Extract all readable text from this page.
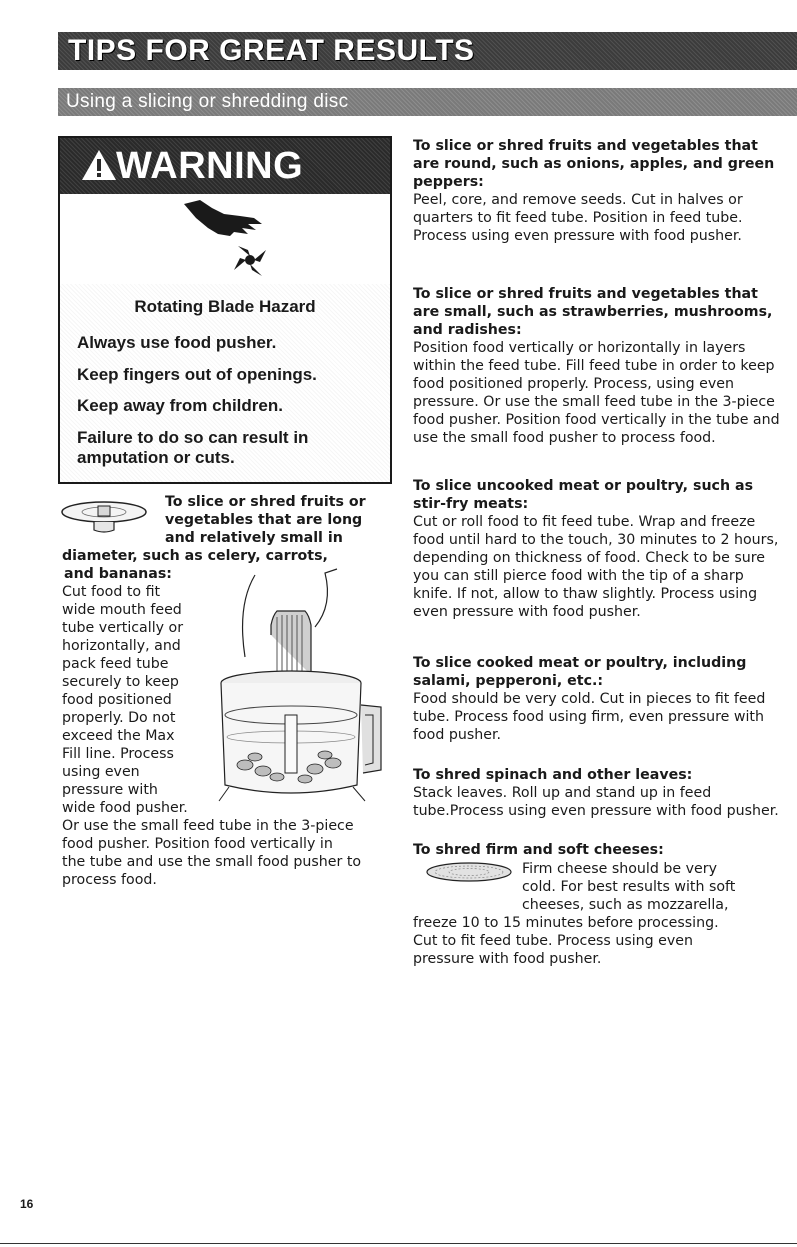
TIPS FOR GREAT RESULTS
Using a slicing or shredding disc
WARNING
Rotating Blade Hazard
Always use food pusher.
Keep fingers out of openings.
Keep away from children.
Failure to do so can result in
amputation or cuts.
To slice or shred fruits or
vegetables that are long
and relatively small in
diameter, such as celery, carrots,
and bananas:
Cut food to fit
wide mouth feed
tube vertically or
horizontally, and
pack feed tube
securely to keep
food positioned
properly. Do not
exceed the Max
Fill line. Process
using even
pressure with
wide food pusher.
Or use the small feed tube in the 3-piece
food pusher. Position food vertically in
the tube and use the small food pusher to
process food.
To slice or shred fruits and vegetables that are round, such as onions, apples, and green peppers:
Peel, core, and remove seeds. Cut in halves or quarters to fit feed tube. Position in feed tube. Process using even pressure with food pusher.
To slice or shred fruits and vegetables that are small, such as strawberries, mushrooms, and radishes:
Position food vertically or horizontally in layers within the feed tube. Fill feed tube in order to keep food positioned properly. Process, using even pressure. Or use the small feed tube in the 3-piece food pusher. Position food vertically in the tube and use the small food pusher to process food.
To slice uncooked meat or poultry, such as stir-fry meats:
Cut or roll food to fit feed tube. Wrap and freeze food until hard to the touch, 30 minutes to 2 hours, depending on thickness of food. Check to be sure you can still pierce food with the tip of a sharp knife. If not, allow to thaw slightly. Process using even pressure with food pusher.
To slice cooked meat or poultry, including salami, pepperoni, etc.:
Food should be very cold. Cut in pieces to fit feed tube. Process food using firm, even pressure with food pusher.
To shred spinach and other leaves:
Stack leaves. Roll up and stand up in feed tube.Process using even pressure with food pusher.
To shred firm and soft cheeses:
Firm cheese should be very
cold. For best results with soft
cheeses, such as mozzarella,
freeze 10 to 15 minutes before processing.
Cut to fit feed tube. Process using even
pressure with food pusher.
16
